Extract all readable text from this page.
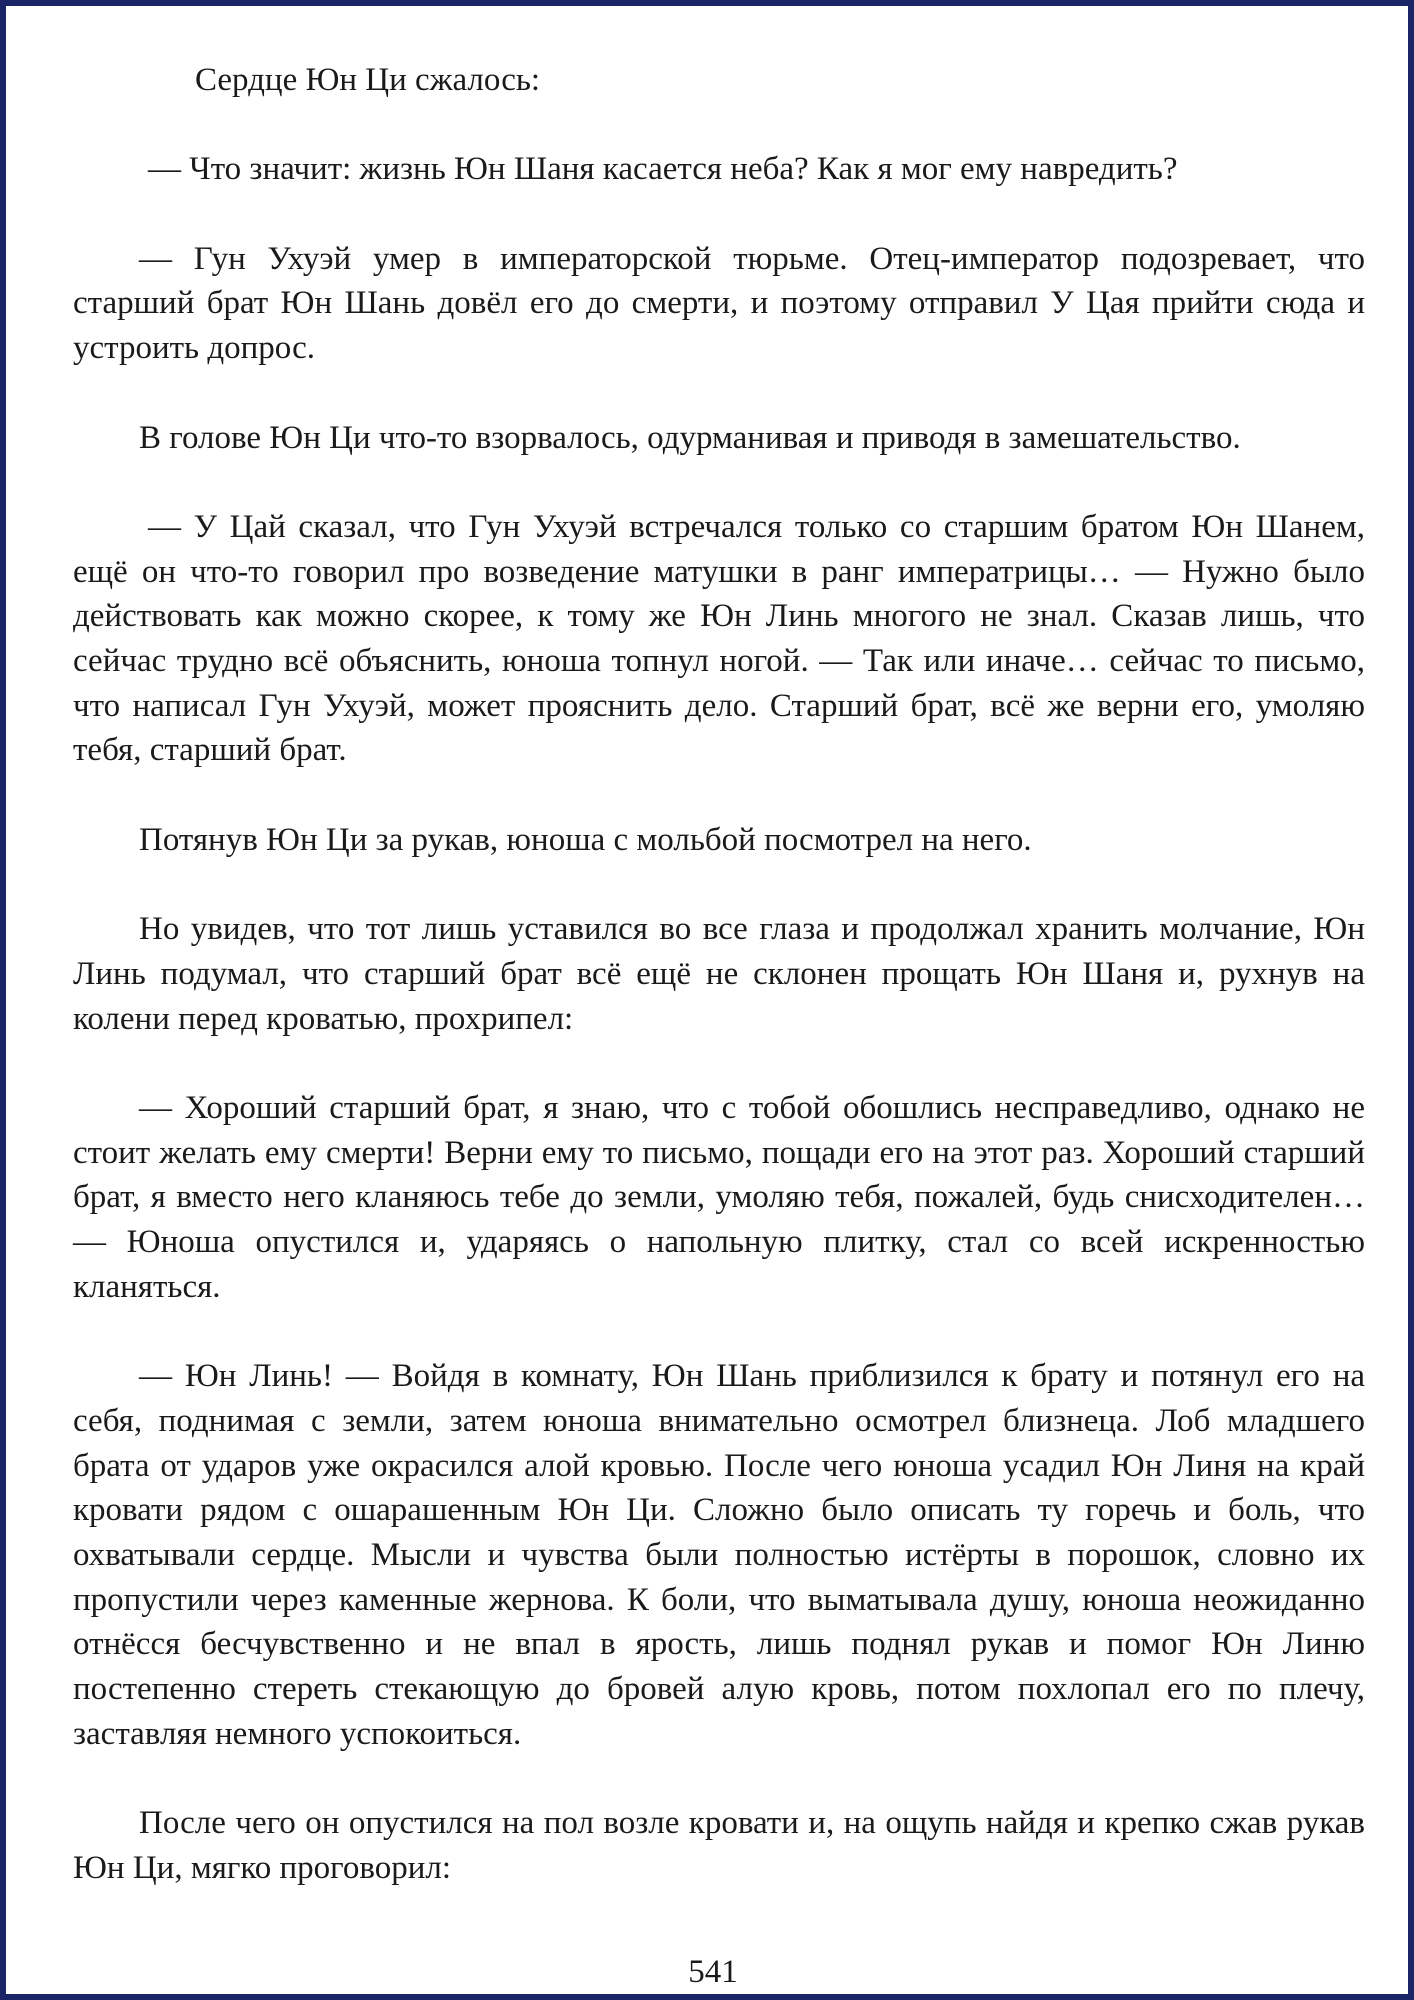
Сердце Юн Ци сжалось:

— Что значит: жизнь Юн Шаня касается неба? Как я мог ему навредить?

— Гун Ухуэй умер в императорской тюрьме. Отец-император подозревает, что старший брат Юн Шань довёл его до смерти, и поэтому отправил У Цая прийти сюда и устроить допрос.

В голове Юн Ци что-то взорвалось, одурманивая и приводя в замешательство.

— У Цай сказал, что Гун Ухуэй встречался только со старшим братом Юн Шанем, ещё он что-то говорил про возведение матушки в ранг императрицы… — Нужно было действовать как можно скорее, к тому же Юн Линь многого не знал. Сказав лишь, что сейчас трудно всё объяснить, юноша топнул ногой. — Так или иначе… сейчас то письмо, что написал Гун Ухуэй, может прояснить дело. Старший брат, всё же верни его, умоляю тебя, старший брат.

Потянув Юн Ци за рукав, юноша с мольбой посмотрел на него.

Но увидев, что тот лишь уставился во все глаза и продолжал хранить молчание, Юн Линь подумал, что старший брат всё ещё не склонен прощать Юн Шаня и, рухнув на колени перед кроватью, прохрипел:

— Хороший старший брат, я знаю, что с тобой обошлись несправедливо, однако не стоит желать ему смерти! Верни ему то письмо, пощади его на этот раз. Хороший старший брат, я вместо него кланяюсь тебе до земли, умоляю тебя, пожалей, будь снисходителен… — Юноша опустился и, ударяясь о напольную плитку, стал со всей искренностью кланяться.

— Юн Линь! — Войдя в комнату, Юн Шань приблизился к брату и потянул его на себя, поднимая с земли, затем юноша внимательно осмотрел близнеца. Лоб младшего брата от ударов уже окрасился алой кровью. После чего юноша усадил Юн Линя на край кровати рядом с ошарашенным Юн Ци. Сложно было описать ту горечь и боль, что охватывали сердце. Мысли и чувства были полностью истёрты в порошок, словно их пропустили через каменные жернова. К боли, что выматывала душу, юноша неожиданно отнёсся бесчувственно и не впал в ярость, лишь поднял рукав и помог Юн Линю постепенно стереть стекающую до бровей алую кровь, потом похлопал его по плечу, заставляя немного успокоиться.

После чего он опустился на пол возле кровати и, на ощупь найдя и крепко сжав рукав Юн Ци, мягко проговорил:

541
